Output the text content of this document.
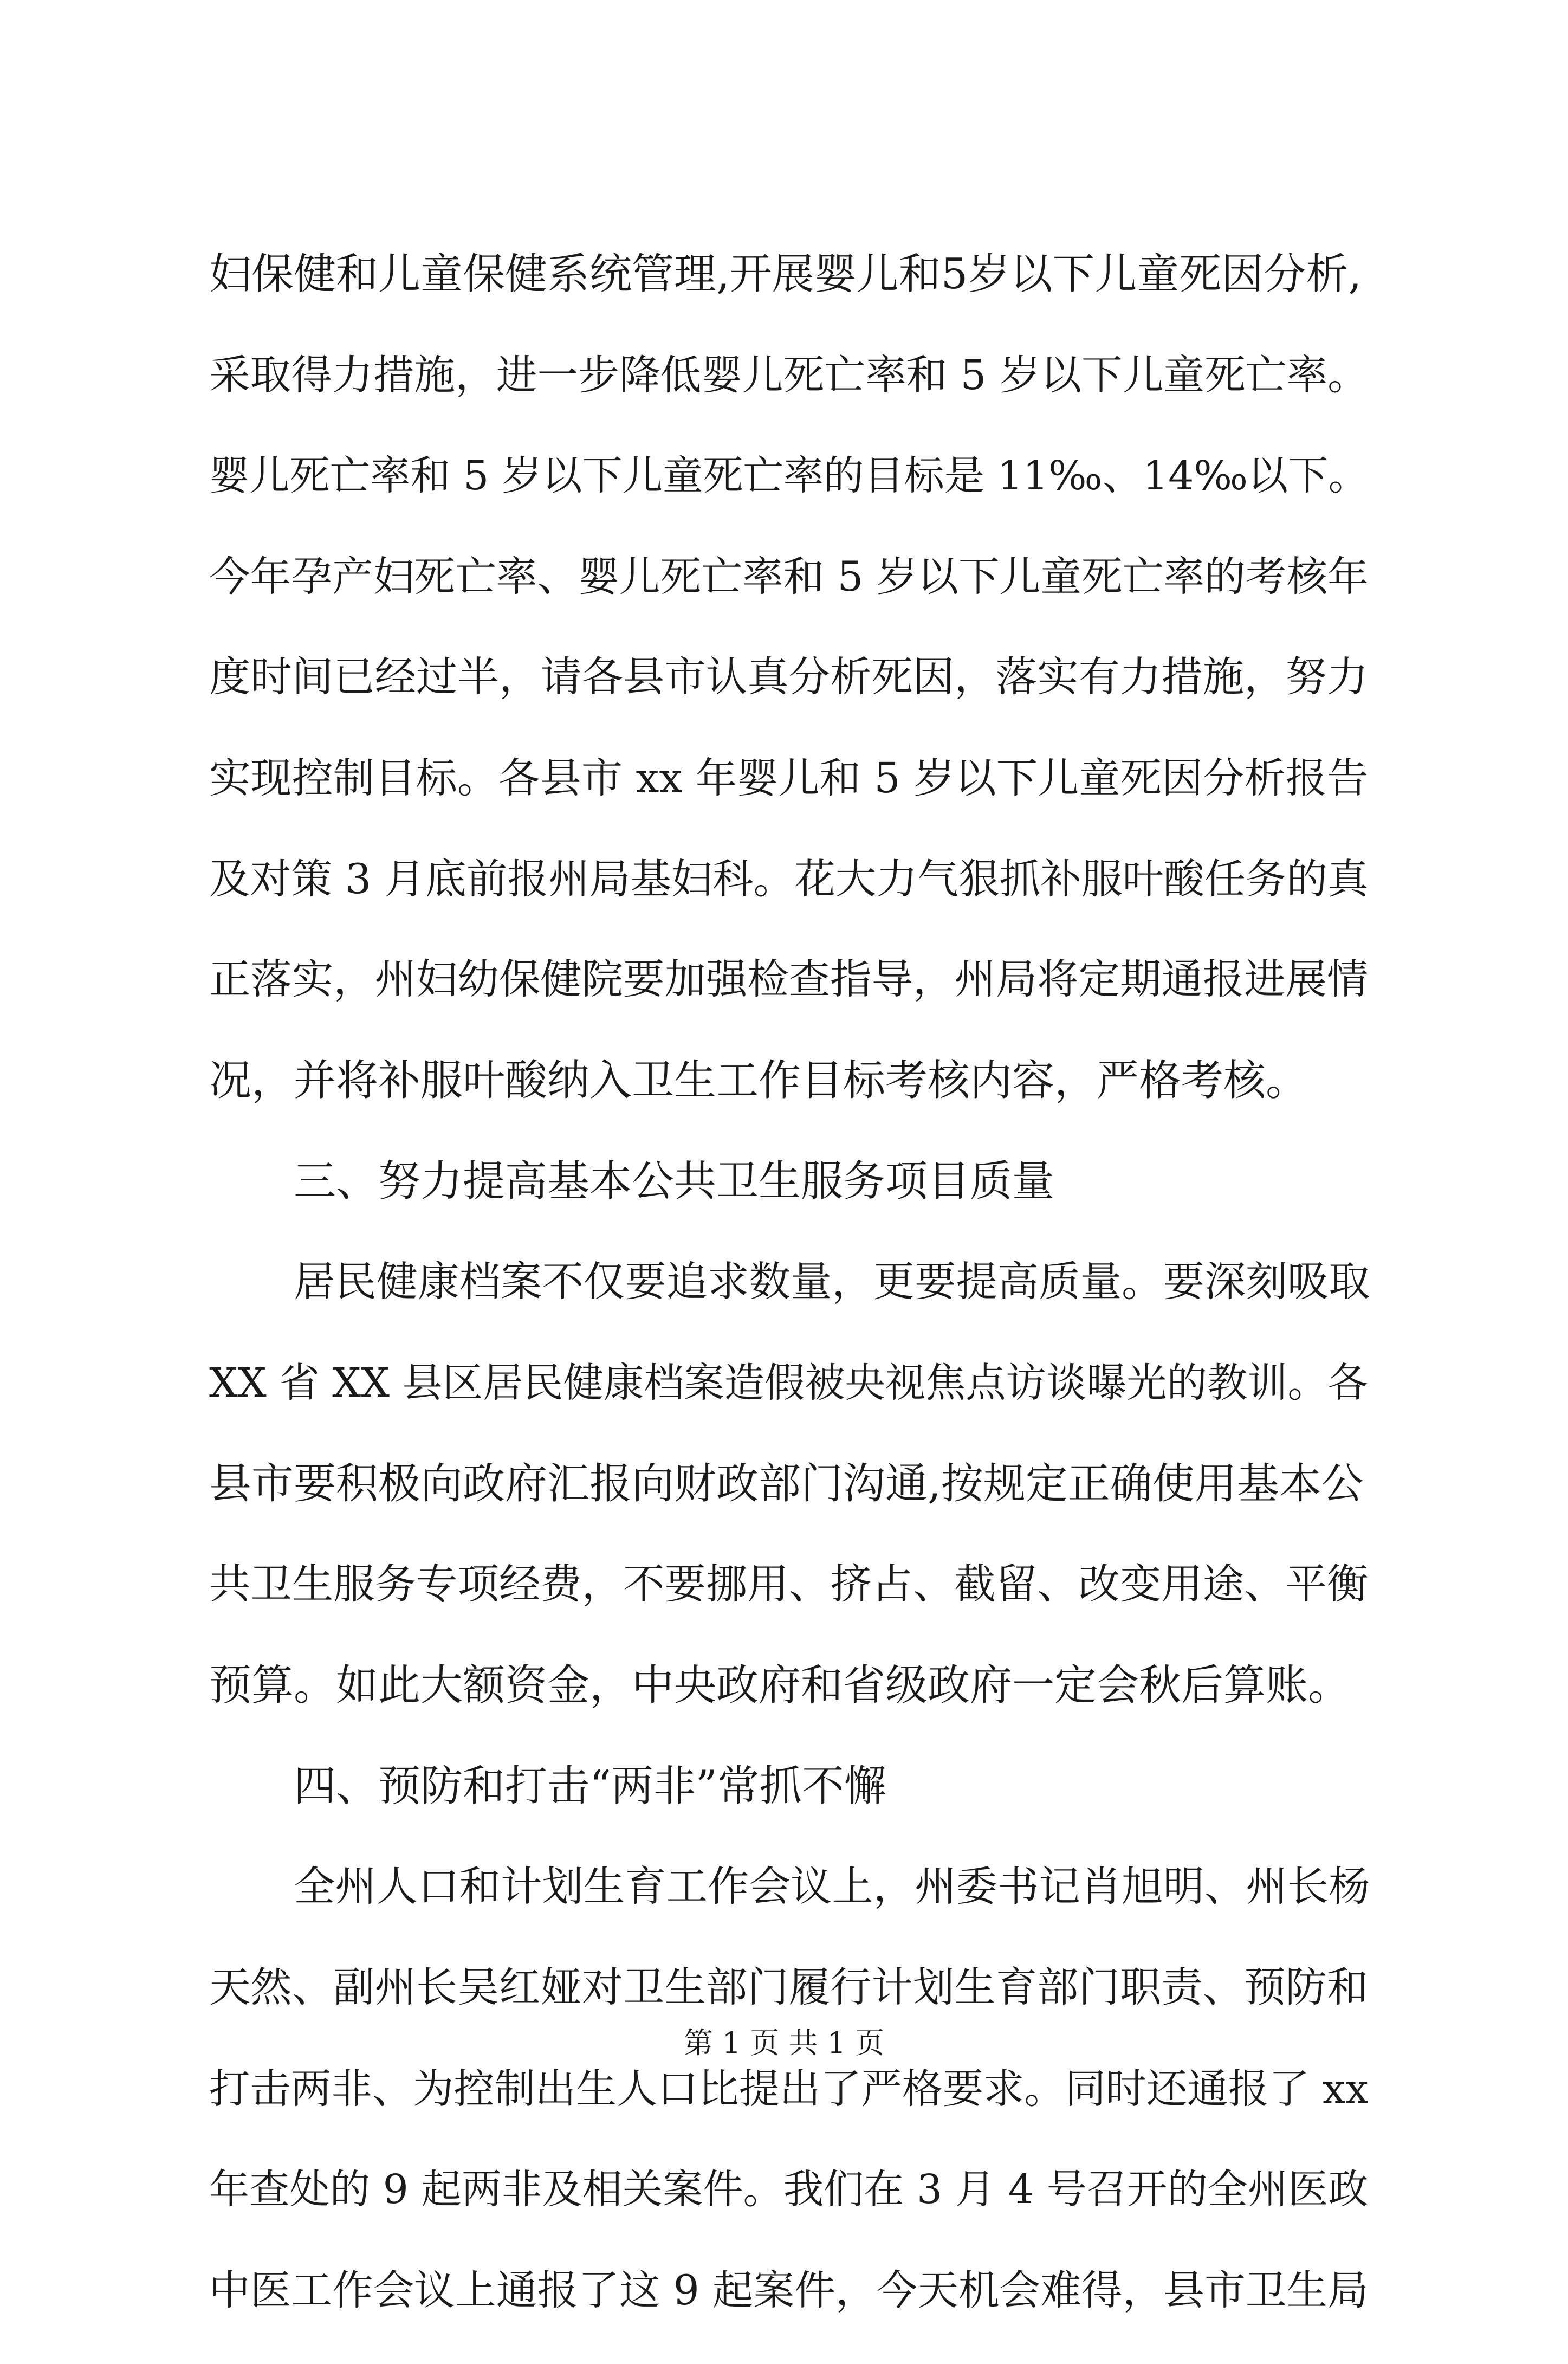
妇保健和儿童保健系统管理,开展婴儿和5岁以下儿童死因分析,
采取得力措施，进一步降低婴儿死亡率和 5 岁以下儿童死亡率。
婴儿死亡率和 5 岁以下儿童死亡率的目标是 11‰、14‰以下。
今年孕产妇死亡率、婴儿死亡率和 5 岁以下儿童死亡率的考核年
度时间已经过半，请各县市认真分析死因，落实有力措施，努力
实现控制目标。各县市 xx 年婴儿和 5 岁以下儿童死因分析报告
及对策 3 月底前报州局基妇科。花大力气狠抓补服叶酸任务的真
正落实，州妇幼保健院要加强检查指导，州局将定期通报进展情
况，并将补服叶酸纳入卫生工作目标考核内容，严格考核。
三、努力提高基本公共卫生服务项目质量
居民健康档案不仅要追求数量，更要提高质量。要深刻吸取
XX 省 XX 县区居民健康档案造假被央视焦点访谈曝光的教训。各
县市要积极向政府汇报向财政部门沟通,按规定正确使用基本公
共卫生服务专项经费，不要挪用、挤占、截留、改变用途、平衡
预算。如此大额资金，中央政府和省级政府一定会秋后算账。
四、预防和打击“两非”常抓不懈
全州人口和计划生育工作会议上，州委书记肖旭明、州长杨
天然、副州长吴红娅对卫生部门履行计划生育部门职责、预防和
打击两非、为控制出生人口比提出了严格要求。同时还通报了 xx
年查处的 9 起两非及相关案件。我们在 3 月 4 号召开的全州医政
中医工作会议上通报了这 9 起案件，今天机会难得，县市卫生局
第 1 页 共 1 页
